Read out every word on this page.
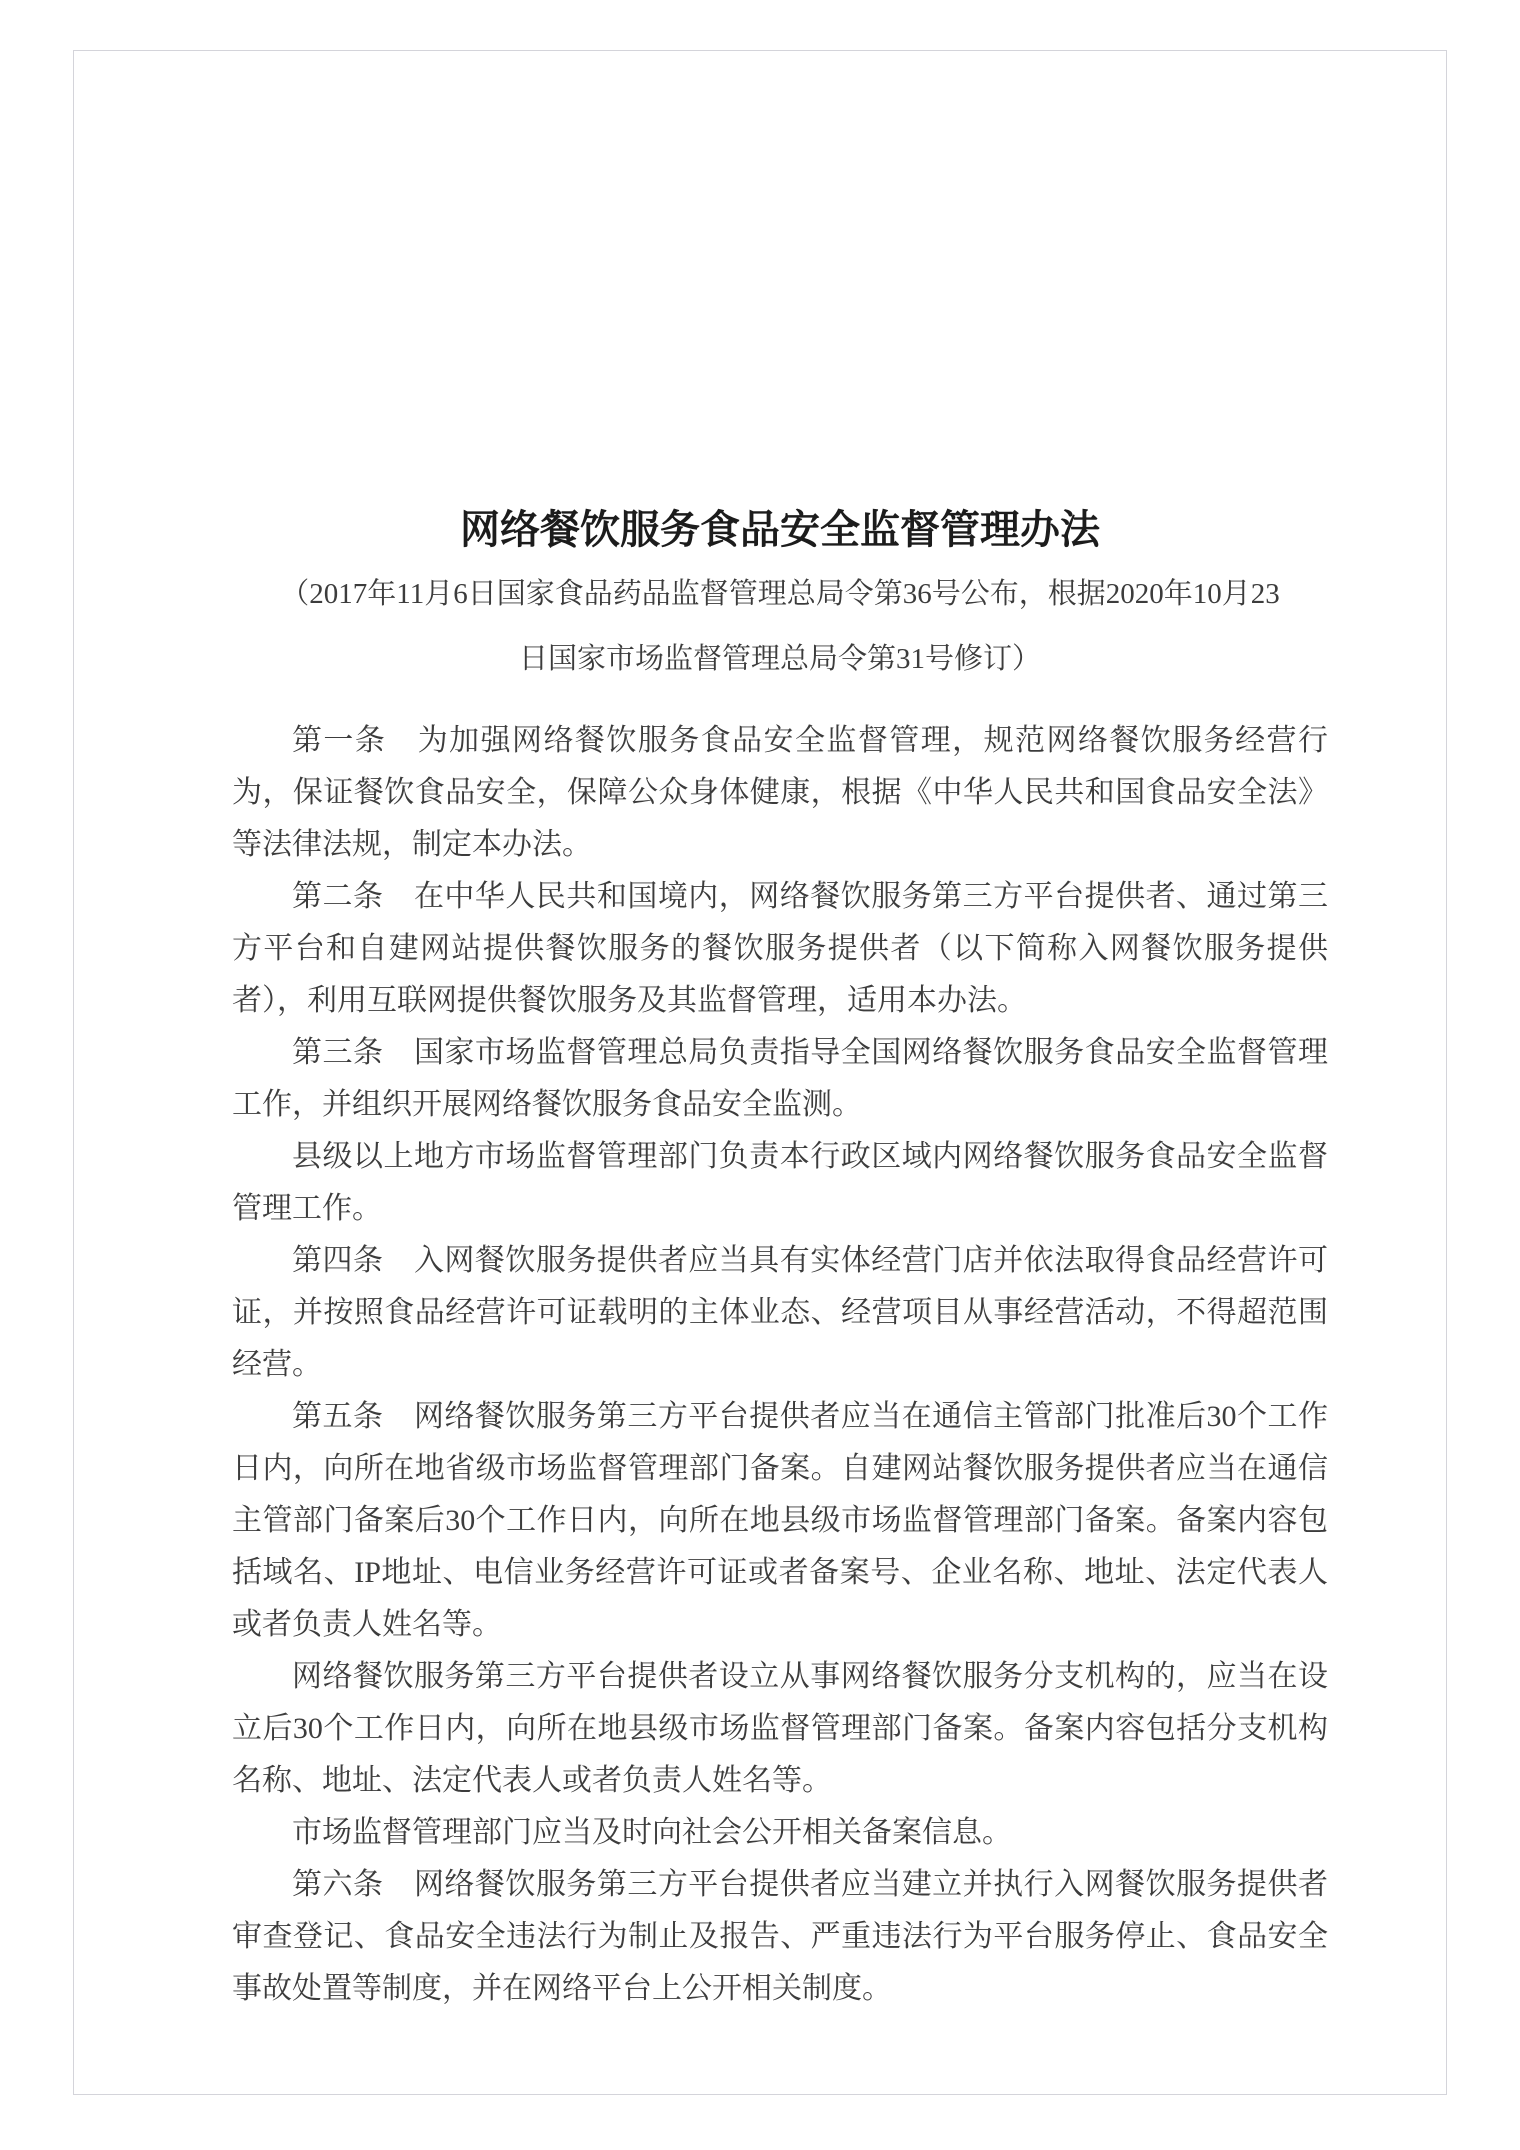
网络餐饮服务食品安全监督管理办法
（2017年11月6日国家食品药品监督管理总局令第36号公布，根据2020年10月23
日国家市场监督管理总局令第31号修订）

第一条　为加强网络餐饮服务食品安全监督管理，规范网络餐饮服务经营行为，保证餐饮食品安全，保障公众身体健康，根据《中华人民共和国食品安全法》等法律法规，制定本办法。

第二条　在中华人民共和国境内，网络餐饮服务第三方平台提供者、通过第三方平台和自建网站提供餐饮服务的餐饮服务提供者（以下简称入网餐饮服务提供者），利用互联网提供餐饮服务及其监督管理，适用本办法。

第三条　国家市场监督管理总局负责指导全国网络餐饮服务食品安全监督管理工作，并组织开展网络餐饮服务食品安全监测。

县级以上地方市场监督管理部门负责本行政区域内网络餐饮服务食品安全监督管理工作。

第四条　入网餐饮服务提供者应当具有实体经营门店并依法取得食品经营许可证，并按照食品经营许可证载明的主体业态、经营项目从事经营活动，不得超范围经营。

第五条　网络餐饮服务第三方平台提供者应当在通信主管部门批准后30个工作日内，向所在地省级市场监督管理部门备案。自建网站餐饮服务提供者应当在通信主管部门备案后30个工作日内，向所在地县级市场监督管理部门备案。备案内容包括域名、IP地址、电信业务经营许可证或者备案号、企业名称、地址、法定代表人或者负责人姓名等。

网络餐饮服务第三方平台提供者设立从事网络餐饮服务分支机构的，应当在设立后30个工作日内，向所在地县级市场监督管理部门备案。备案内容包括分支机构名称、地址、法定代表人或者负责人姓名等。

市场监督管理部门应当及时向社会公开相关备案信息。

第六条　网络餐饮服务第三方平台提供者应当建立并执行入网餐饮服务提供者审查登记、食品安全违法行为制止及报告、严重违法行为平台服务停止、食品安全事故处置等制度，并在网络平台上公开相关制度。
